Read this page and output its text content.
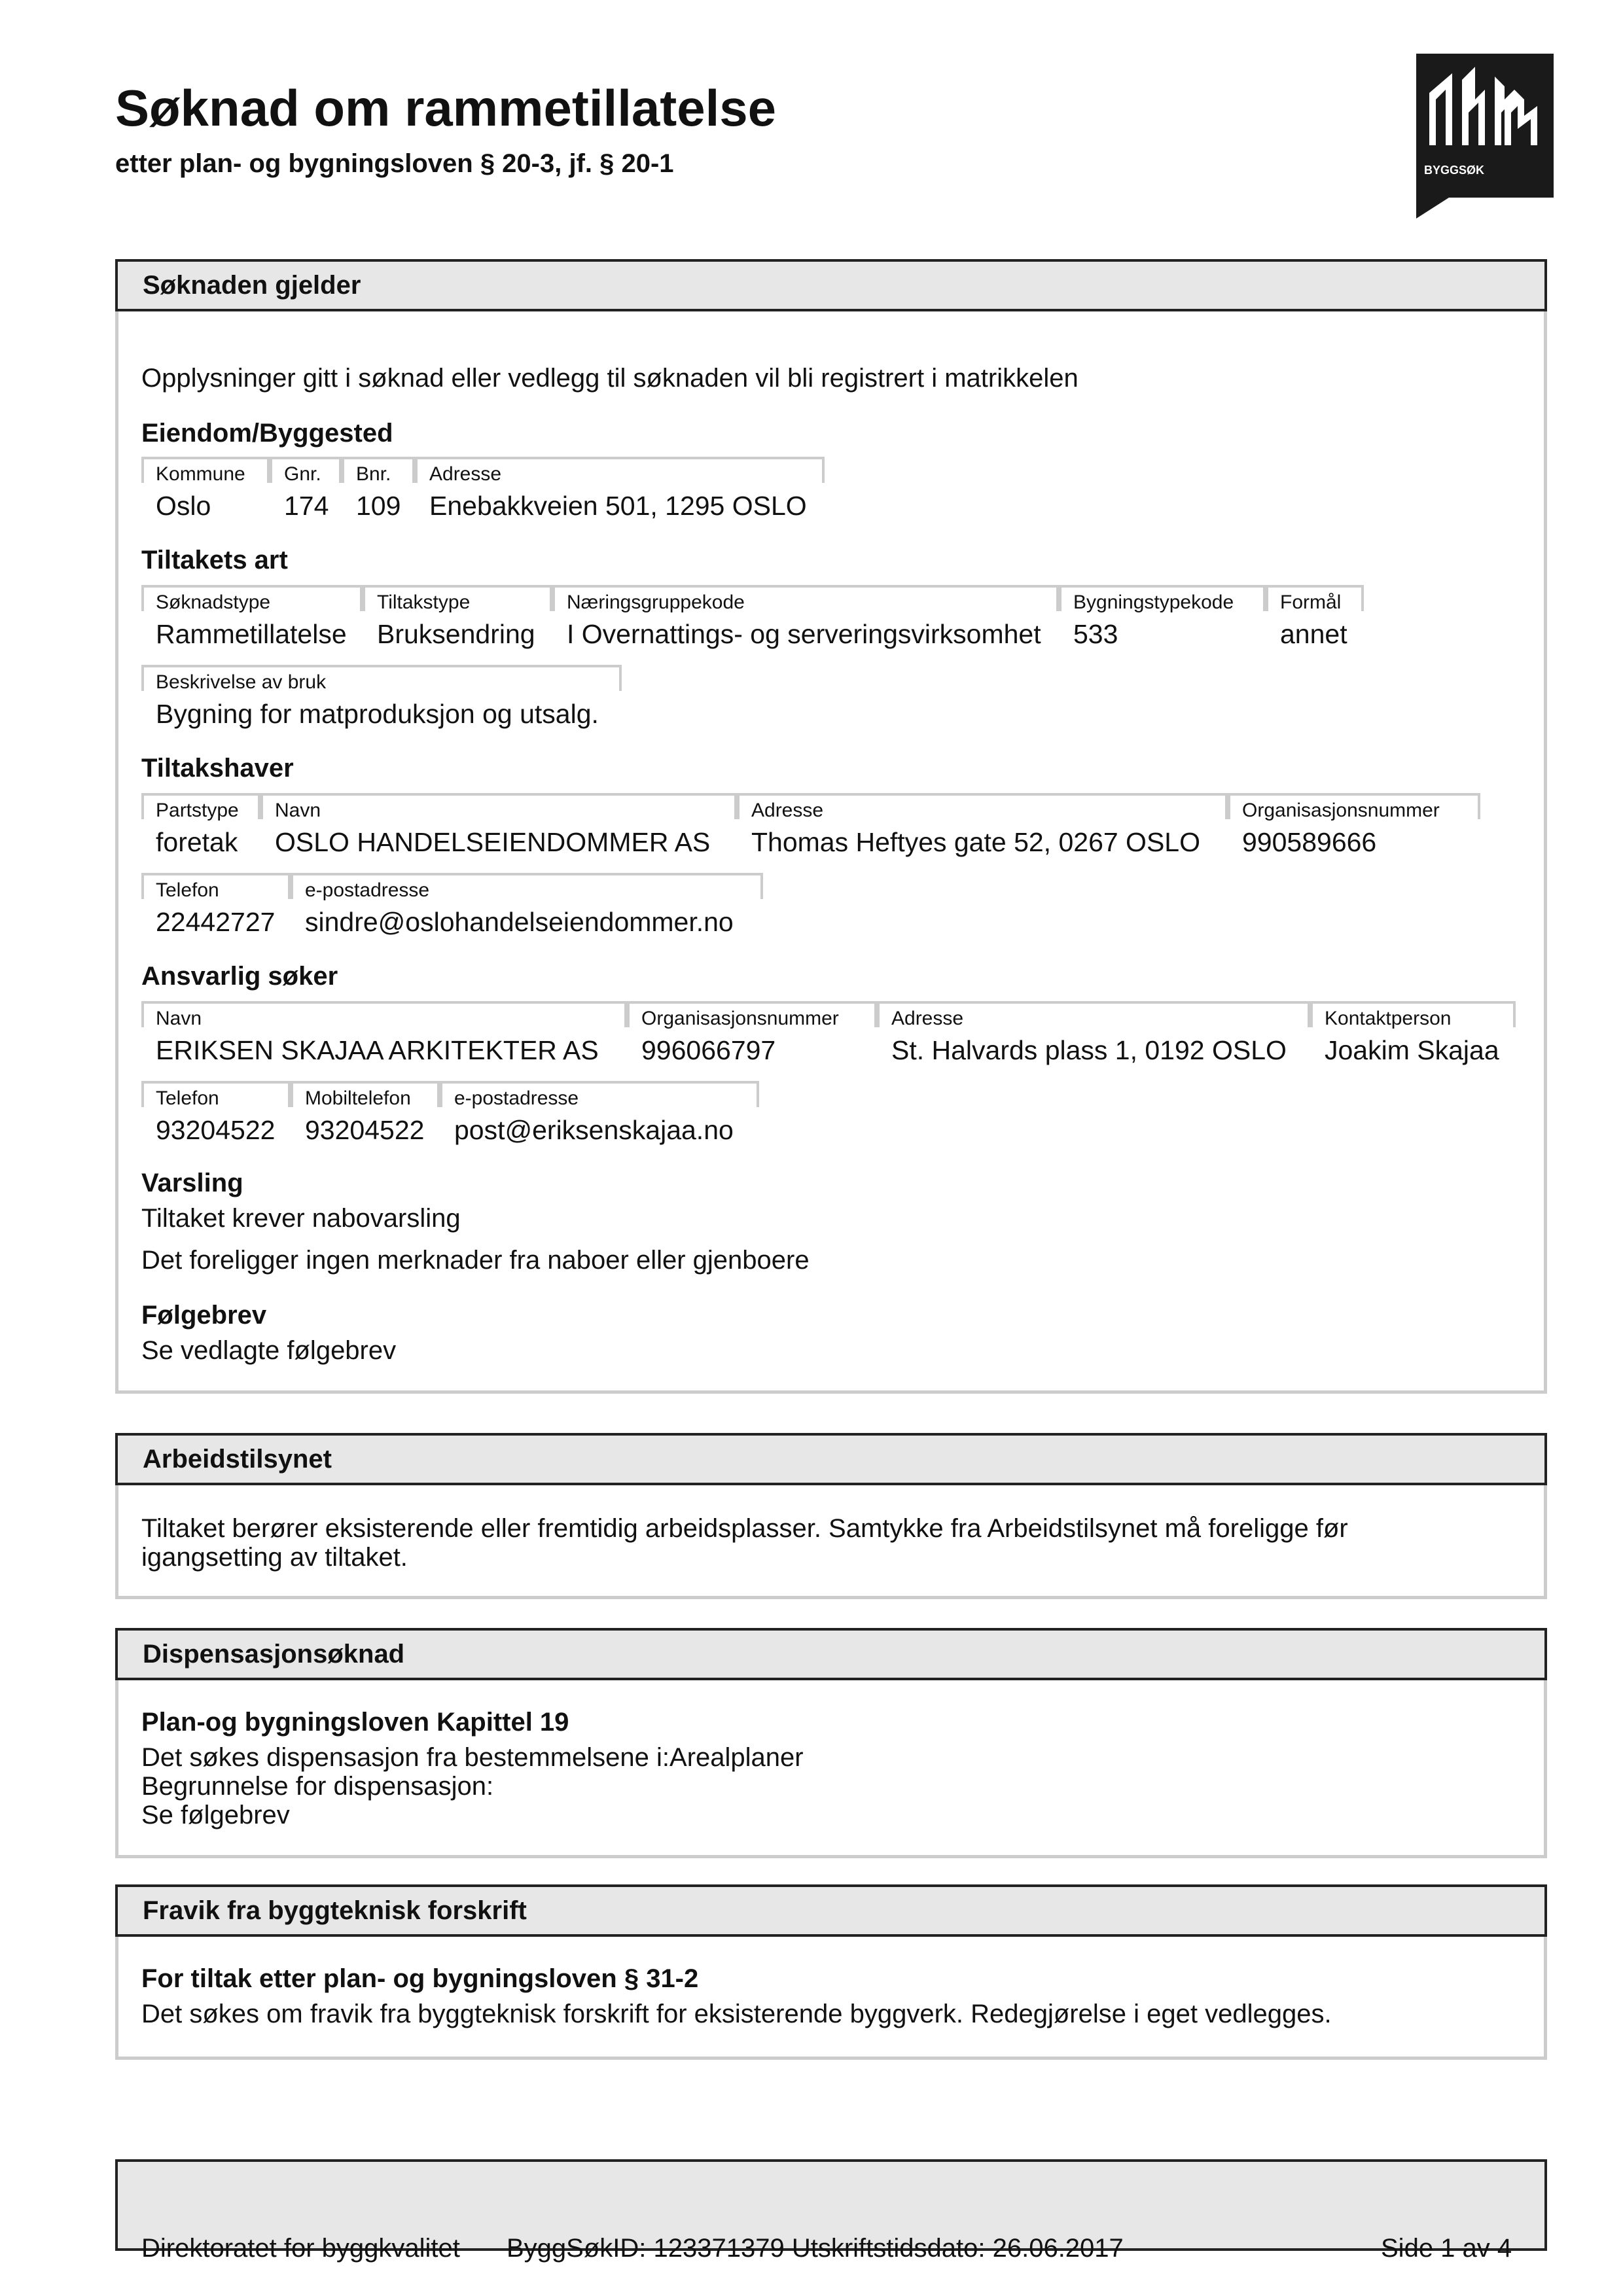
Søknad om rammetillatelse
etter plan- og bygningsloven § 20-3, jf. § 20-1	BYGGSØK
Søknaden gjelder
Opplysninger gitt i søknad eller vedlegg til søknaden vil bli registrert i matrikkelen
Eiendom/Byggested
Kommune
Oslo
Gnr.
174
Bnr.
109
Adresse
Enebakkveien 501, 1295 OSLO
Tiltakets art
Søknadstype
Rammetillatelse
Tiltakstype
Bruksendring
Næringsgruppekode
I Overnattings- og serveringsvirksomhet
Bygningstypekode
533
Formål
annet
Beskrivelse av bruk
Bygning for matproduksjon og utsalg.
Tiltakshaver
Partstype
foretak
Navn
OSLO HANDELSEIENDOMMER AS
Adresse
Thomas Heftyes gate 52, 0267 OSLO
Organisasjonsnummer
990589666
Telefon
22442727
e-postadresse
sindre@oslohandelseiendommer.no
Ansvarlig søker
Navn
ERIKSEN SKAJAA ARKITEKTER AS
Organisasjonsnummer
996066797
Adresse
St. Halvards plass 1, 0192 OSLO
Kontaktperson
Joakim Skajaa
Telefon
93204522
Mobiltelefon
93204522
e-postadresse
post@eriksenskajaa.no
Varsling
Tiltaket krever nabovarsling
Det foreligger ingen merknader fra naboer eller gjenboere
Følgebrev
Se vedlagte følgebrev
Arbeidstilsynet
Tiltaket berører eksisterende eller fremtidig arbeidsplasser. Samtykke fra Arbeidstilsynet må foreligge før
igangsetting av tiltaket.
Dispensasjonsøknad
Plan-og bygningsloven Kapittel 19
Det søkes dispensasjon fra bestemmelsene i:Arealplaner
Begrunnelse for dispensasjon:
Se følgebrev
Fravik fra byggteknisk forskrift
For tiltak etter plan- og bygningsloven § 31-2
Det søkes om fravik fra byggteknisk forskrift for eksisterende byggverk. Redegjørelse i eget vedlegges.
Direktoratet for byggkvalitet ByggSøkID: 123371379 Utskriftstidsdato: 26.06.2017	Side 1 av 4
